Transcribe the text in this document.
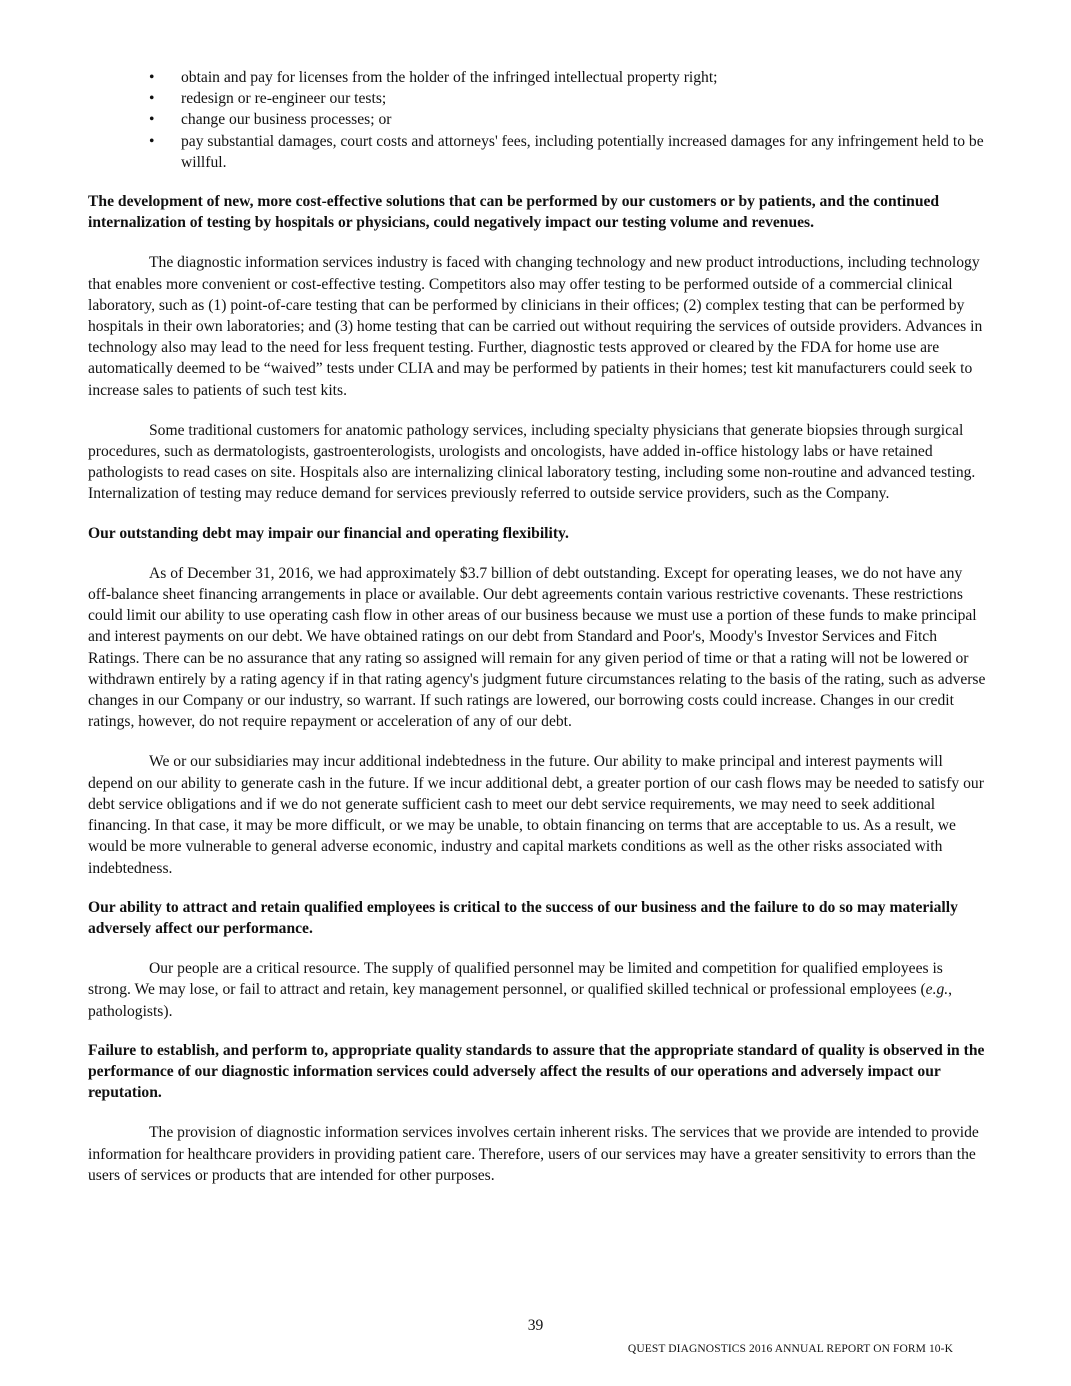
• obtain and pay for licenses from the holder of the infringed intellectual property right;
• redesign or re-engineer our tests;
• change our business processes; or
• pay substantial damages, court costs and attorneys' fees, including potentially increased damages for any infringement held to be willful.

The development of new, more cost-effective solutions that can be performed by our customers or by patients, and the continued internalization of testing by hospitals or physicians, could negatively impact our testing volume and revenues.

The diagnostic information services industry is faced with changing technology and new product introductions, including technology that enables more convenient or cost-effective testing. Competitors also may offer testing to be performed outside of a commercial clinical laboratory, such as (1) point-of-care testing that can be performed by clinicians in their offices; (2) complex testing that can be performed by hospitals in their own laboratories; and (3) home testing that can be carried out without requiring the services of outside providers. Advances in technology also may lead to the need for less frequent testing. Further, diagnostic tests approved or cleared by the FDA for home use are automatically deemed to be “waived” tests under CLIA and may be performed by patients in their homes; test kit manufacturers could seek to increase sales to patients of such test kits.

Some traditional customers for anatomic pathology services, including specialty physicians that generate biopsies through surgical procedures, such as dermatologists, gastroenterologists, urologists and oncologists, have added in-office histology labs or have retained pathologists to read cases on site. Hospitals also are internalizing clinical laboratory testing, including some non-routine and advanced testing. Internalization of testing may reduce demand for services previously referred to outside service providers, such as the Company.

Our outstanding debt may impair our financial and operating flexibility.

As of December 31, 2016, we had approximately $3.7 billion of debt outstanding. Except for operating leases, we do not have any off-balance sheet financing arrangements in place or available. Our debt agreements contain various restrictive covenants. These restrictions could limit our ability to use operating cash flow in other areas of our business because we must use a portion of these funds to make principal and interest payments on our debt. We have obtained ratings on our debt from Standard and Poor's, Moody's Investor Services and Fitch Ratings. There can be no assurance that any rating so assigned will remain for any given period of time or that a rating will not be lowered or withdrawn entirely by a rating agency if in that rating agency's judgment future circumstances relating to the basis of the rating, such as adverse changes in our Company or our industry, so warrant. If such ratings are lowered, our borrowing costs could increase. Changes in our credit ratings, however, do not require repayment or acceleration of any of our debt.

We or our subsidiaries may incur additional indebtedness in the future. Our ability to make principal and interest payments will depend on our ability to generate cash in the future. If we incur additional debt, a greater portion of our cash flows may be needed to satisfy our debt service obligations and if we do not generate sufficient cash to meet our debt service requirements, we may need to seek additional financing. In that case, it may be more difficult, or we may be unable, to obtain financing on terms that are acceptable to us. As a result, we would be more vulnerable to general adverse economic, industry and capital markets conditions as well as the other risks associated with indebtedness.

Our ability to attract and retain qualified employees is critical to the success of our business and the failure to do so may materially adversely affect our performance.

Our people are a critical resource. The supply of qualified personnel may be limited and competition for qualified employees is strong. We may lose, or fail to attract and retain, key management personnel, or qualified skilled technical or professional employees (e.g., pathologists).

Failure to establish, and perform to, appropriate quality standards to assure that the appropriate standard of quality is observed in the performance of our diagnostic information services could adversely affect the results of our operations and adversely impact our reputation.

The provision of diagnostic information services involves certain inherent risks. The services that we provide are intended to provide information for healthcare providers in providing patient care. Therefore, users of our services may have a greater sensitivity to errors than the users of services or products that are intended for other purposes.

39
QUEST DIAGNOSTICS 2016 ANNUAL REPORT ON FORM 10-K
